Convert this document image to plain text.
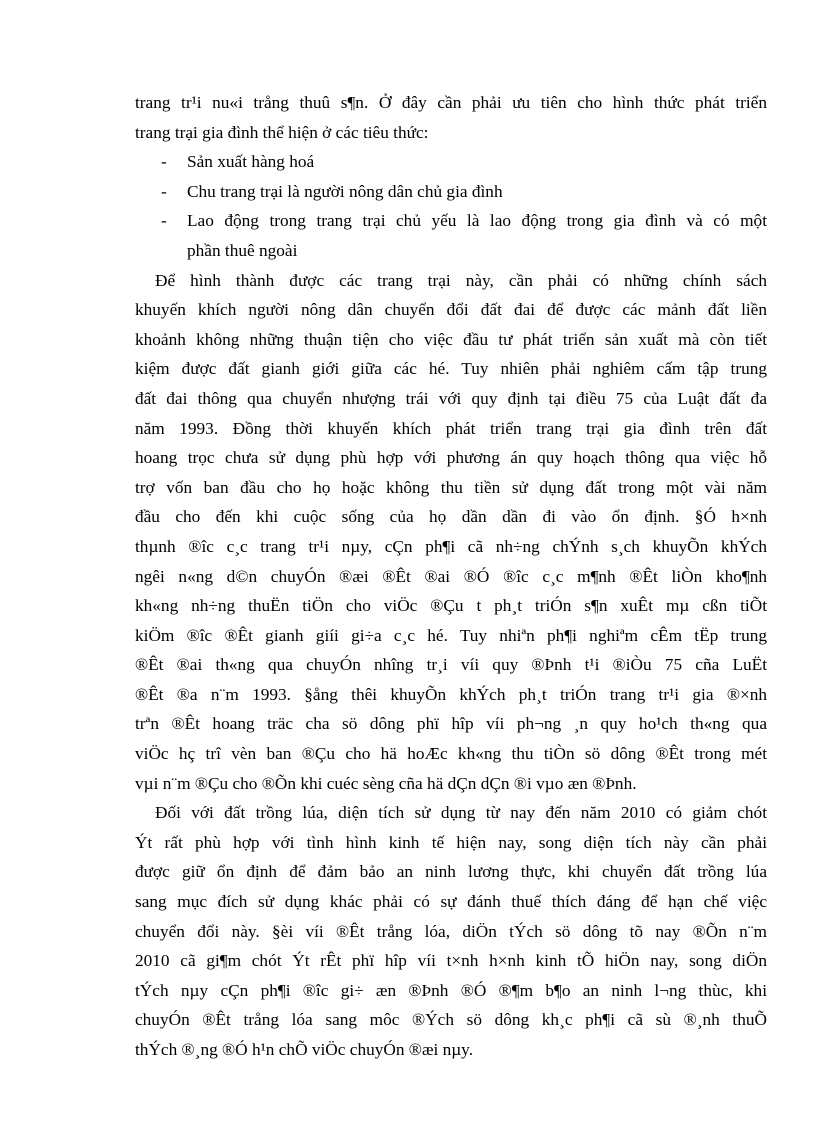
trang tr¹i nu«i trång thuû s¶n. Ở đây cần phải ưu tiên cho hình thức phát triển
trang trại gia đình thể hiện ở các tiêu thức:
- Sản xuất hàng hoá
- Chu trang trại là người nông dân chủ gia đình
- Lao động trong trang trại chủ yếu là lao động trong gia đình và có một
phần thuê ngoài
Để hình thành được các trang trại này, cần phải có những chính sách
khuyến khích người nông dân chuyển đổi đất đai để được các mảnh đất liền
khoảnh không những thuận tiện cho việc đầu tư phát triển sản xuất mà còn tiết
kiệm được đất gianh giới giữa các hé. Tuy nhiên phải nghiêm cấm tập trung
đất đai thông qua chuyển nhượng trái với quy định tại điều 75 của Luật đất đa
năm 1993. Đồng thời khuyến khích phát triển trang trại gia đình trên đất
hoang trọc chưa sử dụng phù hợp với phương án quy hoạch thông qua việc hỗ
trợ vốn ban đầu cho họ hoặc không thu tiền sử dụng đất trong một vài năm
đầu cho đến khi cuộc sống của họ dần dần đi vào ổn định. §Ó h×nh
thµnh ®îc c¸c trang tr¹i nµy, cÇn ph¶i cã nh÷ng chÝnh s¸ch khuyÕn khÝch
ngêi n«ng d©n chuyÓn ®æi ®Êt ®ai ®Ó ®îc c¸c m¶nh ®Êt liÒn kho¶nh
kh«ng nh÷ng thuËn tiÖn cho viÖc ®Çu t ph¸t triÓn s¶n xuÊt mµ cßn tiÕt
kiÖm ®îc ®Êt gianh giíi gi÷a c¸c hé. Tuy nhiªn ph¶i nghiªm cÊm tËp trung
®Êt ®ai th«ng qua chuyÓn nhîng tr¸i víi quy ®Þnh t¹i ®iÒu 75 cña LuËt
®Êt ®a n¨m 1993. §ång thêi khuyÕn khÝch ph¸t triÓn trang tr¹i gia ®×nh
trªn ®Êt hoang träc cha sö dông phï hîp víi ph¬ng ¸n quy ho¹ch th«ng qua
viÖc hç trî vèn ban ®Çu cho hä hoÆc kh«ng thu tiÒn sö dông ®Êt trong mét
vµi n¨m ®Çu cho ®Õn khi cuéc sèng cña hä dÇn dÇn ®i vµo æn ®Þnh.
Đối với đất trồng lúa, diện tích sử dụng từ nay đến năm 2010 có giảm chót
Ýt rất phù hợp với tình hình kinh tế hiện nay, song diện tích này cần phải
được giữ ổn định để đảm bảo an ninh lương thực, khi chuyển đất trồng lúa
sang mục đích sử dụng khác phải có sự đánh thuế thích đáng để hạn chế việc
chuyển đổi này. §èi víi ®Êt trång lóa, diÖn tÝch sö dông tõ nay ®Õn n¨m
2010 cã gi¶m chót Ýt rÊt phï hîp víi t×nh h×nh kinh tÕ hiÖn nay, song diÖn
tÝch nµy cÇn ph¶i ®îc gi÷ æn ®Þnh ®Ó ®¶m b¶o an ninh l¬ng thùc, khi
chuyÓn ®Êt trång lóa sang môc ®Ých sö dông kh¸c ph¶i cã sù ®¸nh thuÕ
thÝch ®¸ng ®Ó h¹n chÕ viÖc chuyÓn ®æi nµy.
